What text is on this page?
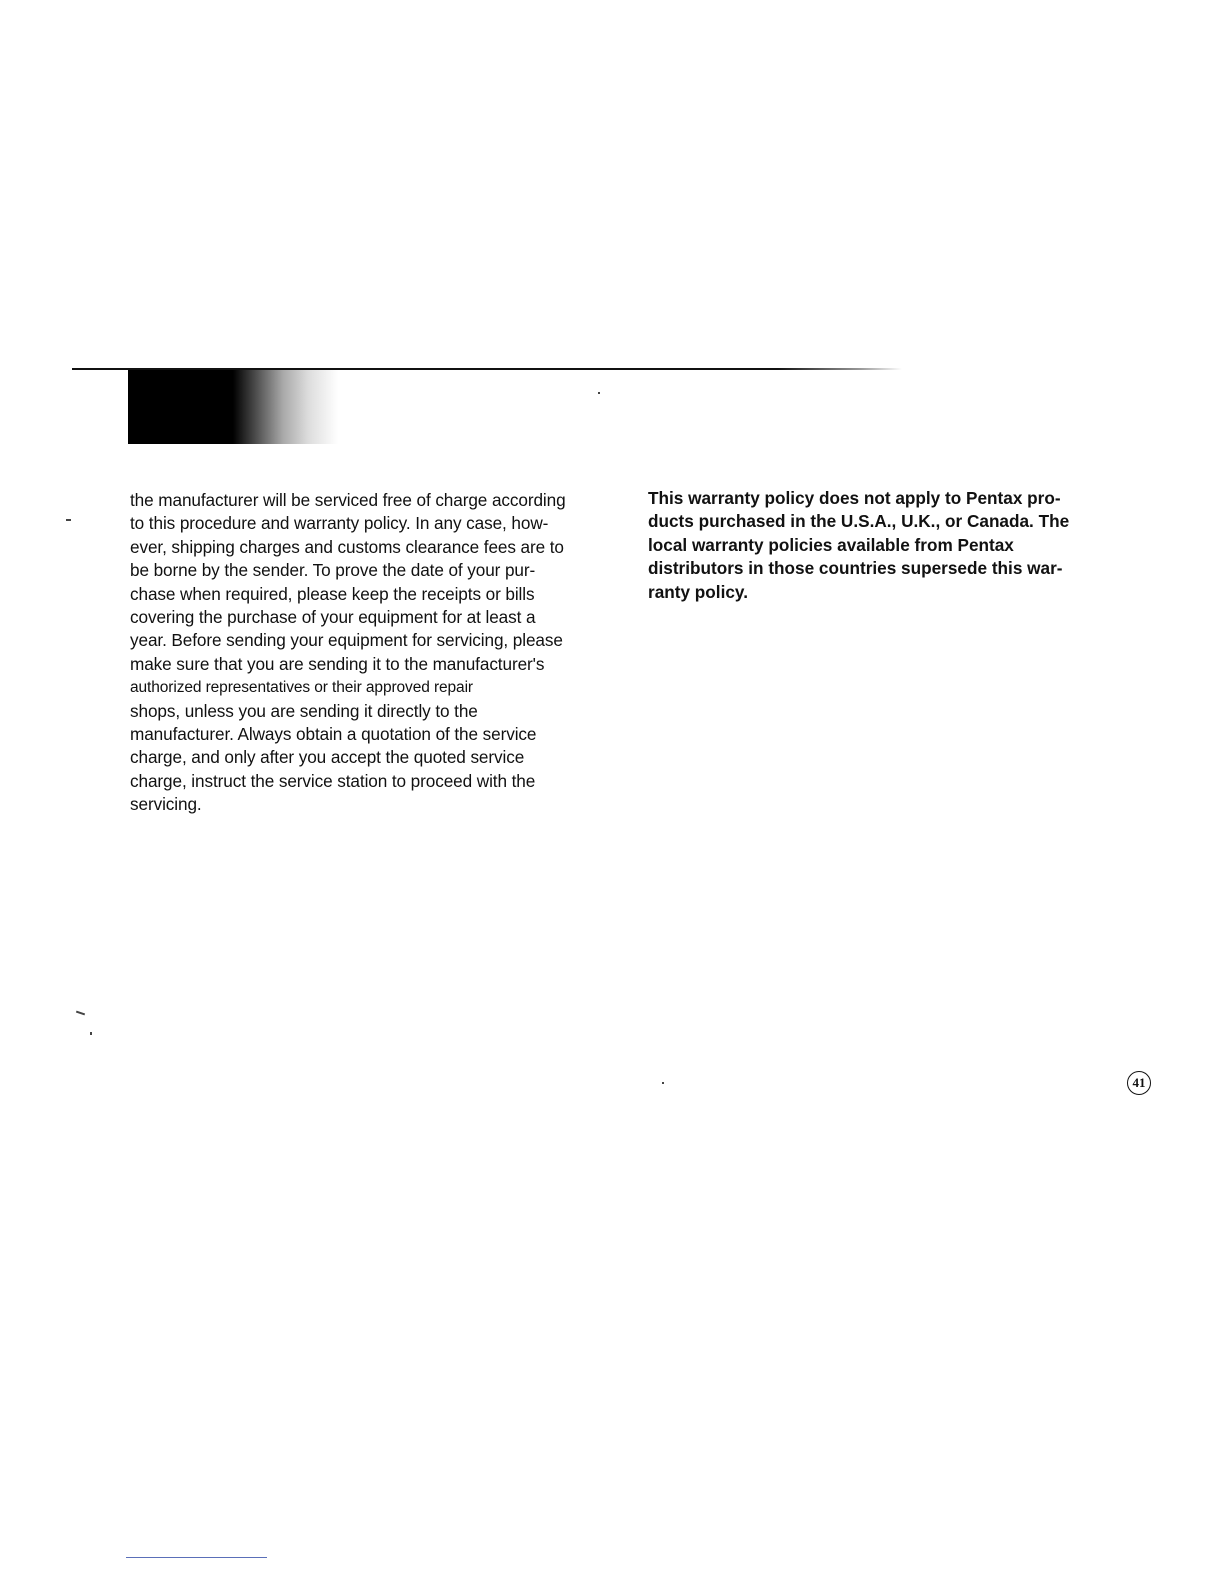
the manufacturer will be serviced free of charge according
to this procedure and warranty policy. In any case, how-
ever, shipping charges and customs clearance fees are to
be borne by the sender. To prove the date of your pur-
chase when required, please keep the receipts or bills
covering the purchase of your equipment for at least a
year. Before sending your equipment for servicing, please
make sure that you are sending it to the manufacturer's
authorized representatives or their approved repair
shops, unless you are sending it directly to the
manufacturer. Always obtain a quotation of the service
charge, and only after you accept the quoted service
charge, instruct the service station to proceed with the
servicing.
This warranty policy does not apply to Pentax pro-
ducts purchased in the U.S.A., U.K., or Canada. The
local warranty policies available from Pentax
distributors in those countries supersede this war-
ranty policy.
41
